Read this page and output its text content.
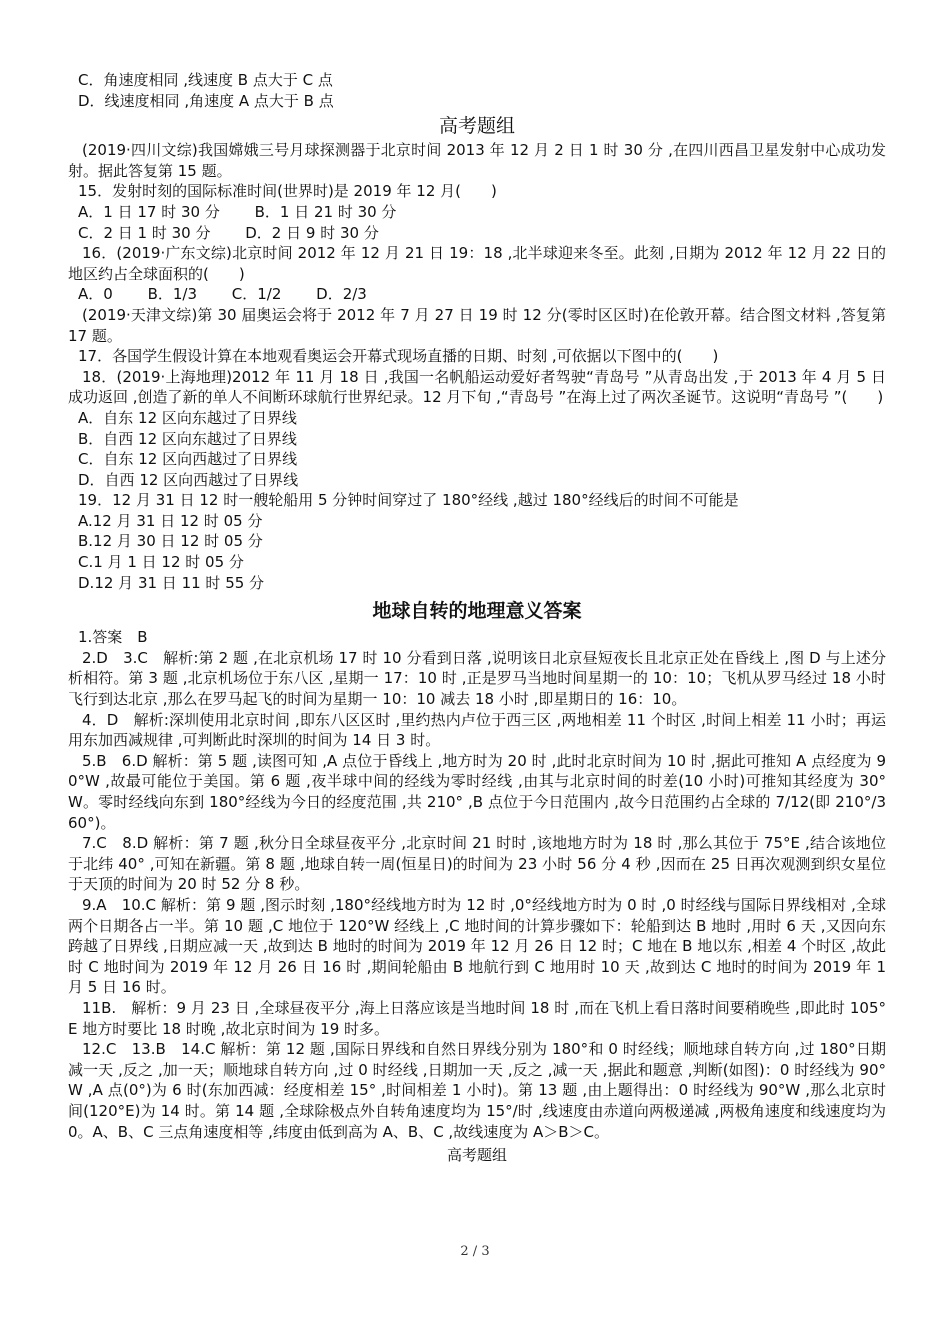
C．角速度相同 ,线速度 B 点大于 C 点

D．线速度相同 ,角速度 A 点大于 B 点

高考题组

(2019·四川文综)我国嫦娥三号月球探测器于北京时间 2013 年 12 月 2 日 1 时 30 分 ,在四川西昌卫星发射中心成功发射。据此答复第 15 题。

15．发射时刻的国际标准时间(世界时)是 2019 年 12 月(　　)

A．1 日 17 时 30 分　　 B．1 日 21 时 30 分

C．2 日 1 时 30 分　　 D．2 日 9 时 30 分

16．(2019·广东文综)北京时间 2012 年 12 月 21 日 19：18 ,北半球迎来冬至。此刻 ,日期为 2012 年 12 月 22 日的地区约占全球面积的(　　)

A．0　　 B．1/3　　 C．1/2　　 D．2/3

(2019·天津文综)第 30 届奥运会将于 2012 年 7 月 27 日 19 时 12 分(零时区区时)在伦敦开幕。结合图文材料 ,答复第 17 题。

17．各国学生假设计算在本地观看奥运会开幕式现场直播的日期、时刻 ,可依据以下图中的(　　)

18．(2019·上海地理)2012 年 11 月 18 日 ,我国一名帆船运动爱好者驾驶“青岛号 ”从青岛出发 ,于 2013 年 4 月 5 日成功返回 ,创造了新的单人不间断环球航行世界纪录。12 月下旬 ,“青岛号 ”在海上过了两次圣诞节。这说明“青岛号 ”(　　)

A．自东 12 区向东越过了日界线

B．自西 12 区向东越过了日界线

C．自东 12 区向西越过了日界线

D．自西 12 区向西越过了日界线

19．12 月 31 日 12 时一艘轮船用 5 分钟时间穿过了 180°经线 ,越过 180°经线后的时间不可能是

A.12 月 31 日 12 时 05 分

B.12 月 30 日 12 时 05 分

C.1 月 1 日 12 时 05 分

D.12 月 31 日 11 时 55 分

地球自转的地理意义答案

1.答案　B

2.D　3.C　解析:第 2 题 ,在北京机场 17 时 10 分看到日落 ,说明该日北京昼短夜长且北京正处在昏线上 ,图 D 与上述分析相符。第 3 题 ,北京机场位于东八区 ,星期一 17：10 时 ,正是罗马当地时间星期一的 10：10；飞机从罗马经过 18 小时飞行到达北京 ,那么在罗马起飞的时间为星期一 10：10 减去 18 小时 ,即星期日的 16：10。

4．D　解析:深圳使用北京时间 ,即东八区区时 ,里约热内卢位于西三区 ,两地相差 11 个时区 ,时间上相差 11 小时；再运用东加西减规律 ,可判断此时深圳的时间为 14 日 3 时。

5.B　6.D 解析：第 5 题 ,读图可知 ,A 点位于昏线上 ,地方时为 20 时 ,此时北京时间为 10 时 ,据此可推知 A 点经度为 90°W ,故最可能位于美国。第 6 题 ,夜半球中间的经线为零时经线 ,由其与北京时间的时差(10 小时)可推知其经度为 30°W。零时经线向东到 180°经线为今日的经度范围 ,共 210° ,B 点位于今日范围内 ,故今日范围约占全球的 7/12(即 210°/360°)。

7.C　8.D 解析：第 7 题 ,秋分日全球昼夜平分 ,北京时间 21 时时 ,该地地方时为 18 时 ,那么其位于 75°E ,结合该地位于北纬 40° ,可知在新疆。第 8 题 ,地球自转一周(恒星日)的时间为 23 小时 56 分 4 秒 ,因而在 25 日再次观测到织女星位于天顶的时间为 20 时 52 分 8 秒。

9.A　10.C 解析：第 9 题 ,图示时刻 ,180°经线地方时为 12 时 ,0°经线地方时为 0 时 ,0 时经线与国际日界线相对 ,全球两个日期各占一半。第 10 题 ,C 地位于 120°W 经线上 ,C 地时间的计算步骤如下：轮船到达 B 地时 ,用时 6 天 ,又因向东跨越了日界线 ,日期应减一天 ,故到达 B 地时的时间为 2019 年 12 月 26 日 12 时；C 地在 B 地以东 ,相差 4 个时区 ,故此时 C 地时间为 2019 年 12 月 26 日 16 时 ,期间轮船由 B 地航行到 C 地用时 10 天 ,故到达 C 地时的时间为 2019 年 1 月 5 日 16 时。

11B.　解析：9 月 23 日 ,全球昼夜平分 ,海上日落应该是当地时间 18 时 ,而在飞机上看日落时间要稍晚些 ,即此时 105°E 地方时要比 18 时晚 ,故北京时间为 19 时多。

12.C　13.B　14.C 解析：第 12 题 ,国际日界线和自然日界线分别为 180°和 0 时经线；顺地球自转方向 ,过 180°日期减一天 ,反之 ,加一天；顺地球自转方向 ,过 0 时经线 ,日期加一天 ,反之 ,减一天 ,据此和题意 ,判断(如图)：0 时经线为 90°W ,A 点(0°)为 6 时(东加西减：经度相差 15° ,时间相差 1 小时)。第 13 题 ,由上题得出：0 时经线为 90°W ,那么北京时间(120°E)为 14 时。第 14 题 ,全球除极点外自转角速度均为 15°/时 ,线速度由赤道向两极递减 ,两极角速度和线速度均为 0。A、B、C 三点角速度相等 ,纬度由低到高为 A、B、C ,故线速度为 A＞B＞C。

高考题组

2 / 3
